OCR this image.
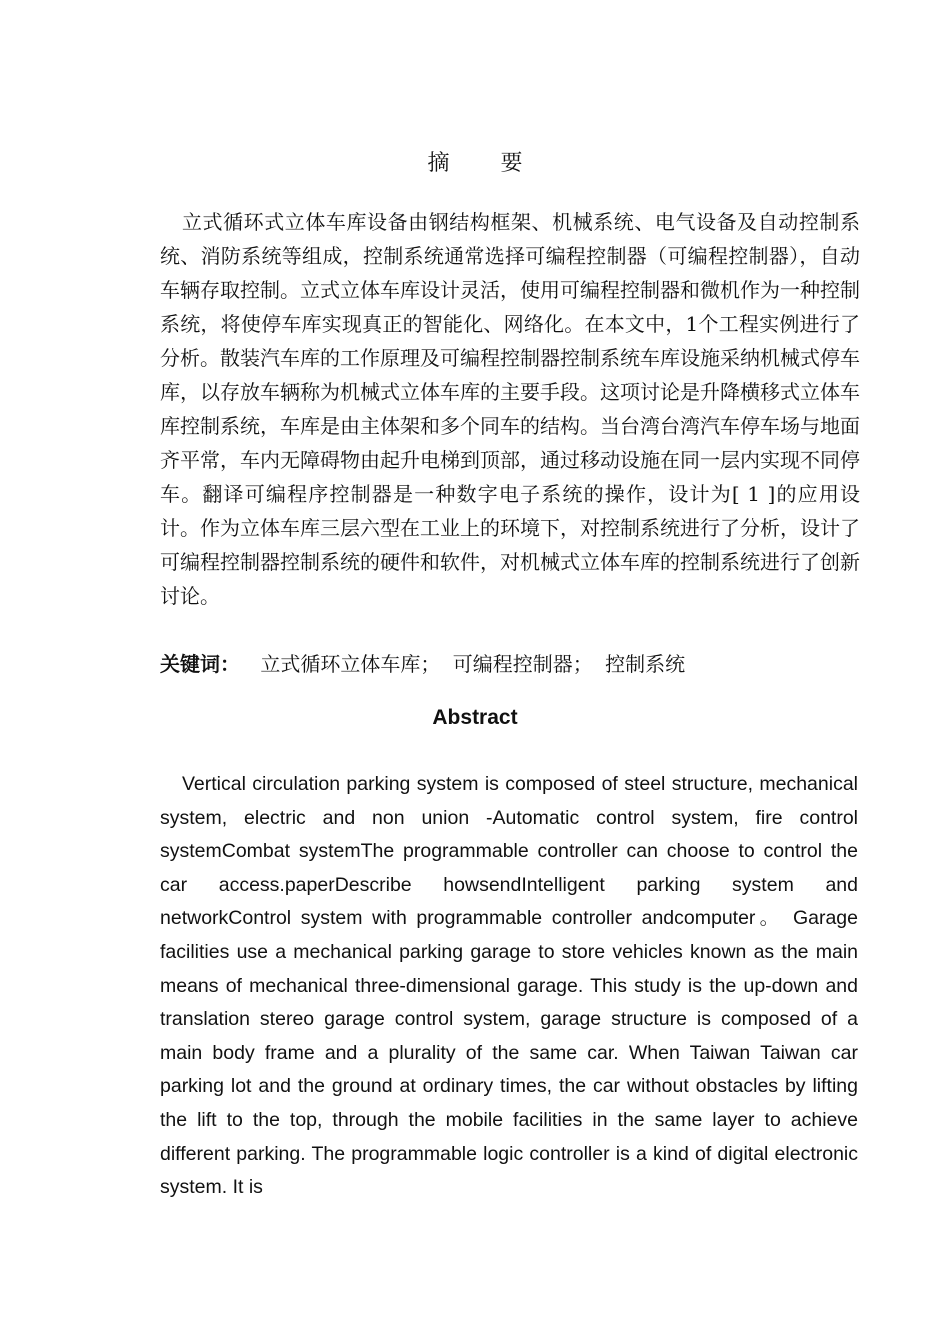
摘 要

立式循环式立体车库设备由钢结构框架、机械系统、电气设备及自动控制系统、消防系统等组成，控制系统通常选择可编程控制器（可编程控制器），自动车辆存取控制。立式立体车库设计灵活，使用可编程控制器和微机作为一种控制系统，将使停车库实现真正的智能化、网络化。在本文中，1个工程实例进行了分析。散装汽车库的工作原理及可编程控制器控制系统车库设施采纳机械式停车库，以存放车辆称为机械式立体车库的主要手段。这项讨论是升降横移式立体车库控制系统，车库是由主体架和多个同车的结构。当台湾台湾汽车停车场与地面齐平常，车内无障碍物由起升电梯到顶部，通过移动设施在同一层内实现不同停车。翻译可编程序控制器是一种数字电子系统的操作，设计为[ 1 ]的应用设计。作为立体车库三层六型在工业上的环境下，对控制系统进行了分析，设计了可编程控制器控制系统的硬件和软件，对机械式立体车库的控制系统进行了创新讨论。

关键词： 立式循环立体车库； 可编程控制器； 控制系统

Abstract

Vertical circulation parking system is composed of steel structure, mechanical system, electric and non union -Automatic control system, fire control systemCombat systemThe programmable controller can choose to control the car access.paperDescribe howsendIntelligent parking system and networkControl system with programmable controller andcomputer。 Garage facilities use a mechanical parking garage to store vehicles known as the main means of mechanical three-dimensional garage. This study is the up-down and translation stereo garage control system, garage structure is composed of a main body frame and a plurality of the same car. When Taiwan Taiwan car parking lot and the ground at ordinary times, the car without obstacles by lifting the lift to the top, through the mobile facilities in the same layer to achieve different parking. The programmable logic controller is a kind of digital electronic system. It is
